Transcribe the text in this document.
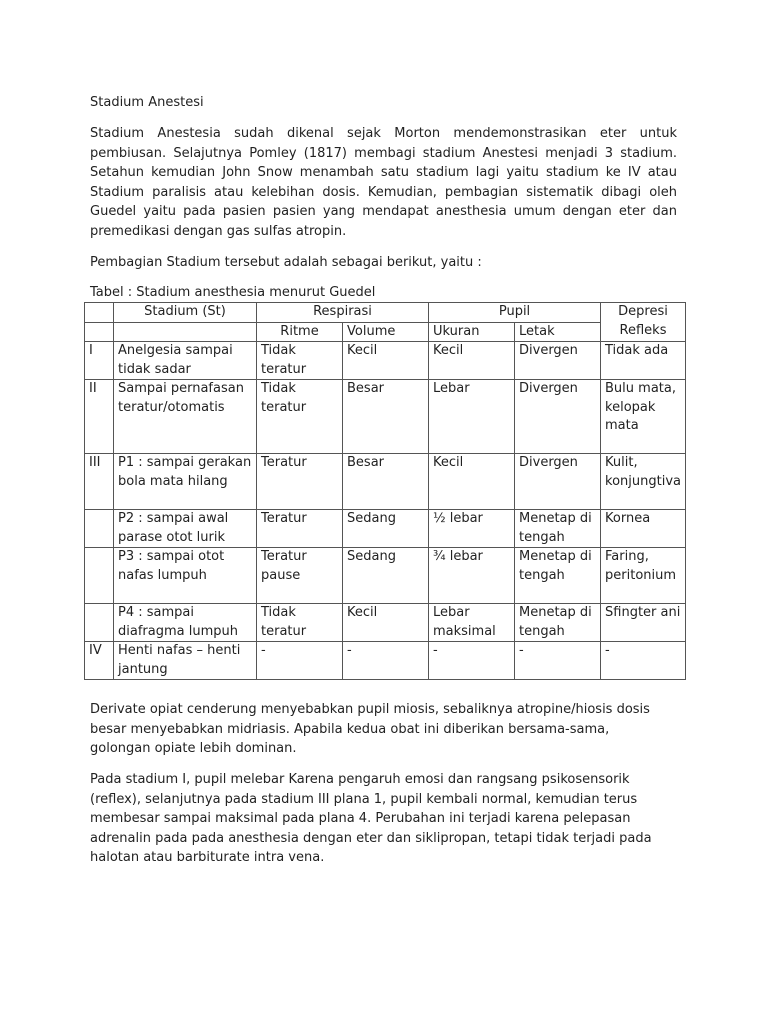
Stadium Anestesi
Stadium Anestesia sudah dikenal sejak Morton mendemonstrasikan eter untuk pembiusan. Selajutnya Pomley (1817) membagi stadium Anestesi menjadi 3 stadium. Setahun kemudian John Snow menambah satu stadium lagi yaitu stadium ke IV atau Stadium paralisis atau kelebihan dosis. Kemudian, pembagian sistematik dibagi oleh Guedel yaitu pada pasien pasien yang mendapat anesthesia umum dengan eter dan premedikasi dengan gas sulfas atropin.
Pembagian Stadium tersebut adalah sebagai berikut, yaitu :
Tabel : Stadium anesthesia menurut Guedel
	Stadium (St)	Respirasi		Pupil		Depresi Refleks
		Ritme	Volume	Ukuran	Letak	
I	Anelgesia sampai tidak sadar	Tidak teratur	Kecil	Kecil	Divergen	Tidak ada
II	Sampai pernafasan teratur/otomatis	Tidak teratur	Besar	Lebar	Divergen	Bulu mata, kelopak mata
III	P1 : sampai gerakan bola mata hilang	Teratur	Besar	Kecil	Divergen	Kulit, konjungtiva
	P2 : sampai awal parase otot lurik	Teratur	Sedang	½ lebar	Menetap di tengah	Kornea
	P3 : sampai otot nafas lumpuh	Teratur pause	Sedang	¾ lebar	Menetap di tengah	Faring, peritonium
	P4 : sampai diafragma lumpuh	Tidak teratur	Kecil	Lebar maksimal	Menetap di tengah	Sfingter ani
IV	Henti nafas – henti jantung	-	-	-	-	-
Derivate opiat cenderung menyebabkan pupil miosis, sebaliknya atropine/hiosis dosis besar menyebabkan midriasis. Apabila kedua obat ini diberikan bersama-sama, golongan opiate lebih dominan.
Pada stadium I, pupil melebar Karena pengaruh emosi dan rangsang psikosensorik (reflex), selanjutnya pada stadium III plana 1, pupil kembali normal, kemudian terus membesar sampai maksimal pada plana 4. Perubahan ini terjadi karena pelepasan adrenalin pada pada anesthesia dengan eter dan siklipropan, tetapi tidak terjadi pada halotan atau barbiturate intra vena.
